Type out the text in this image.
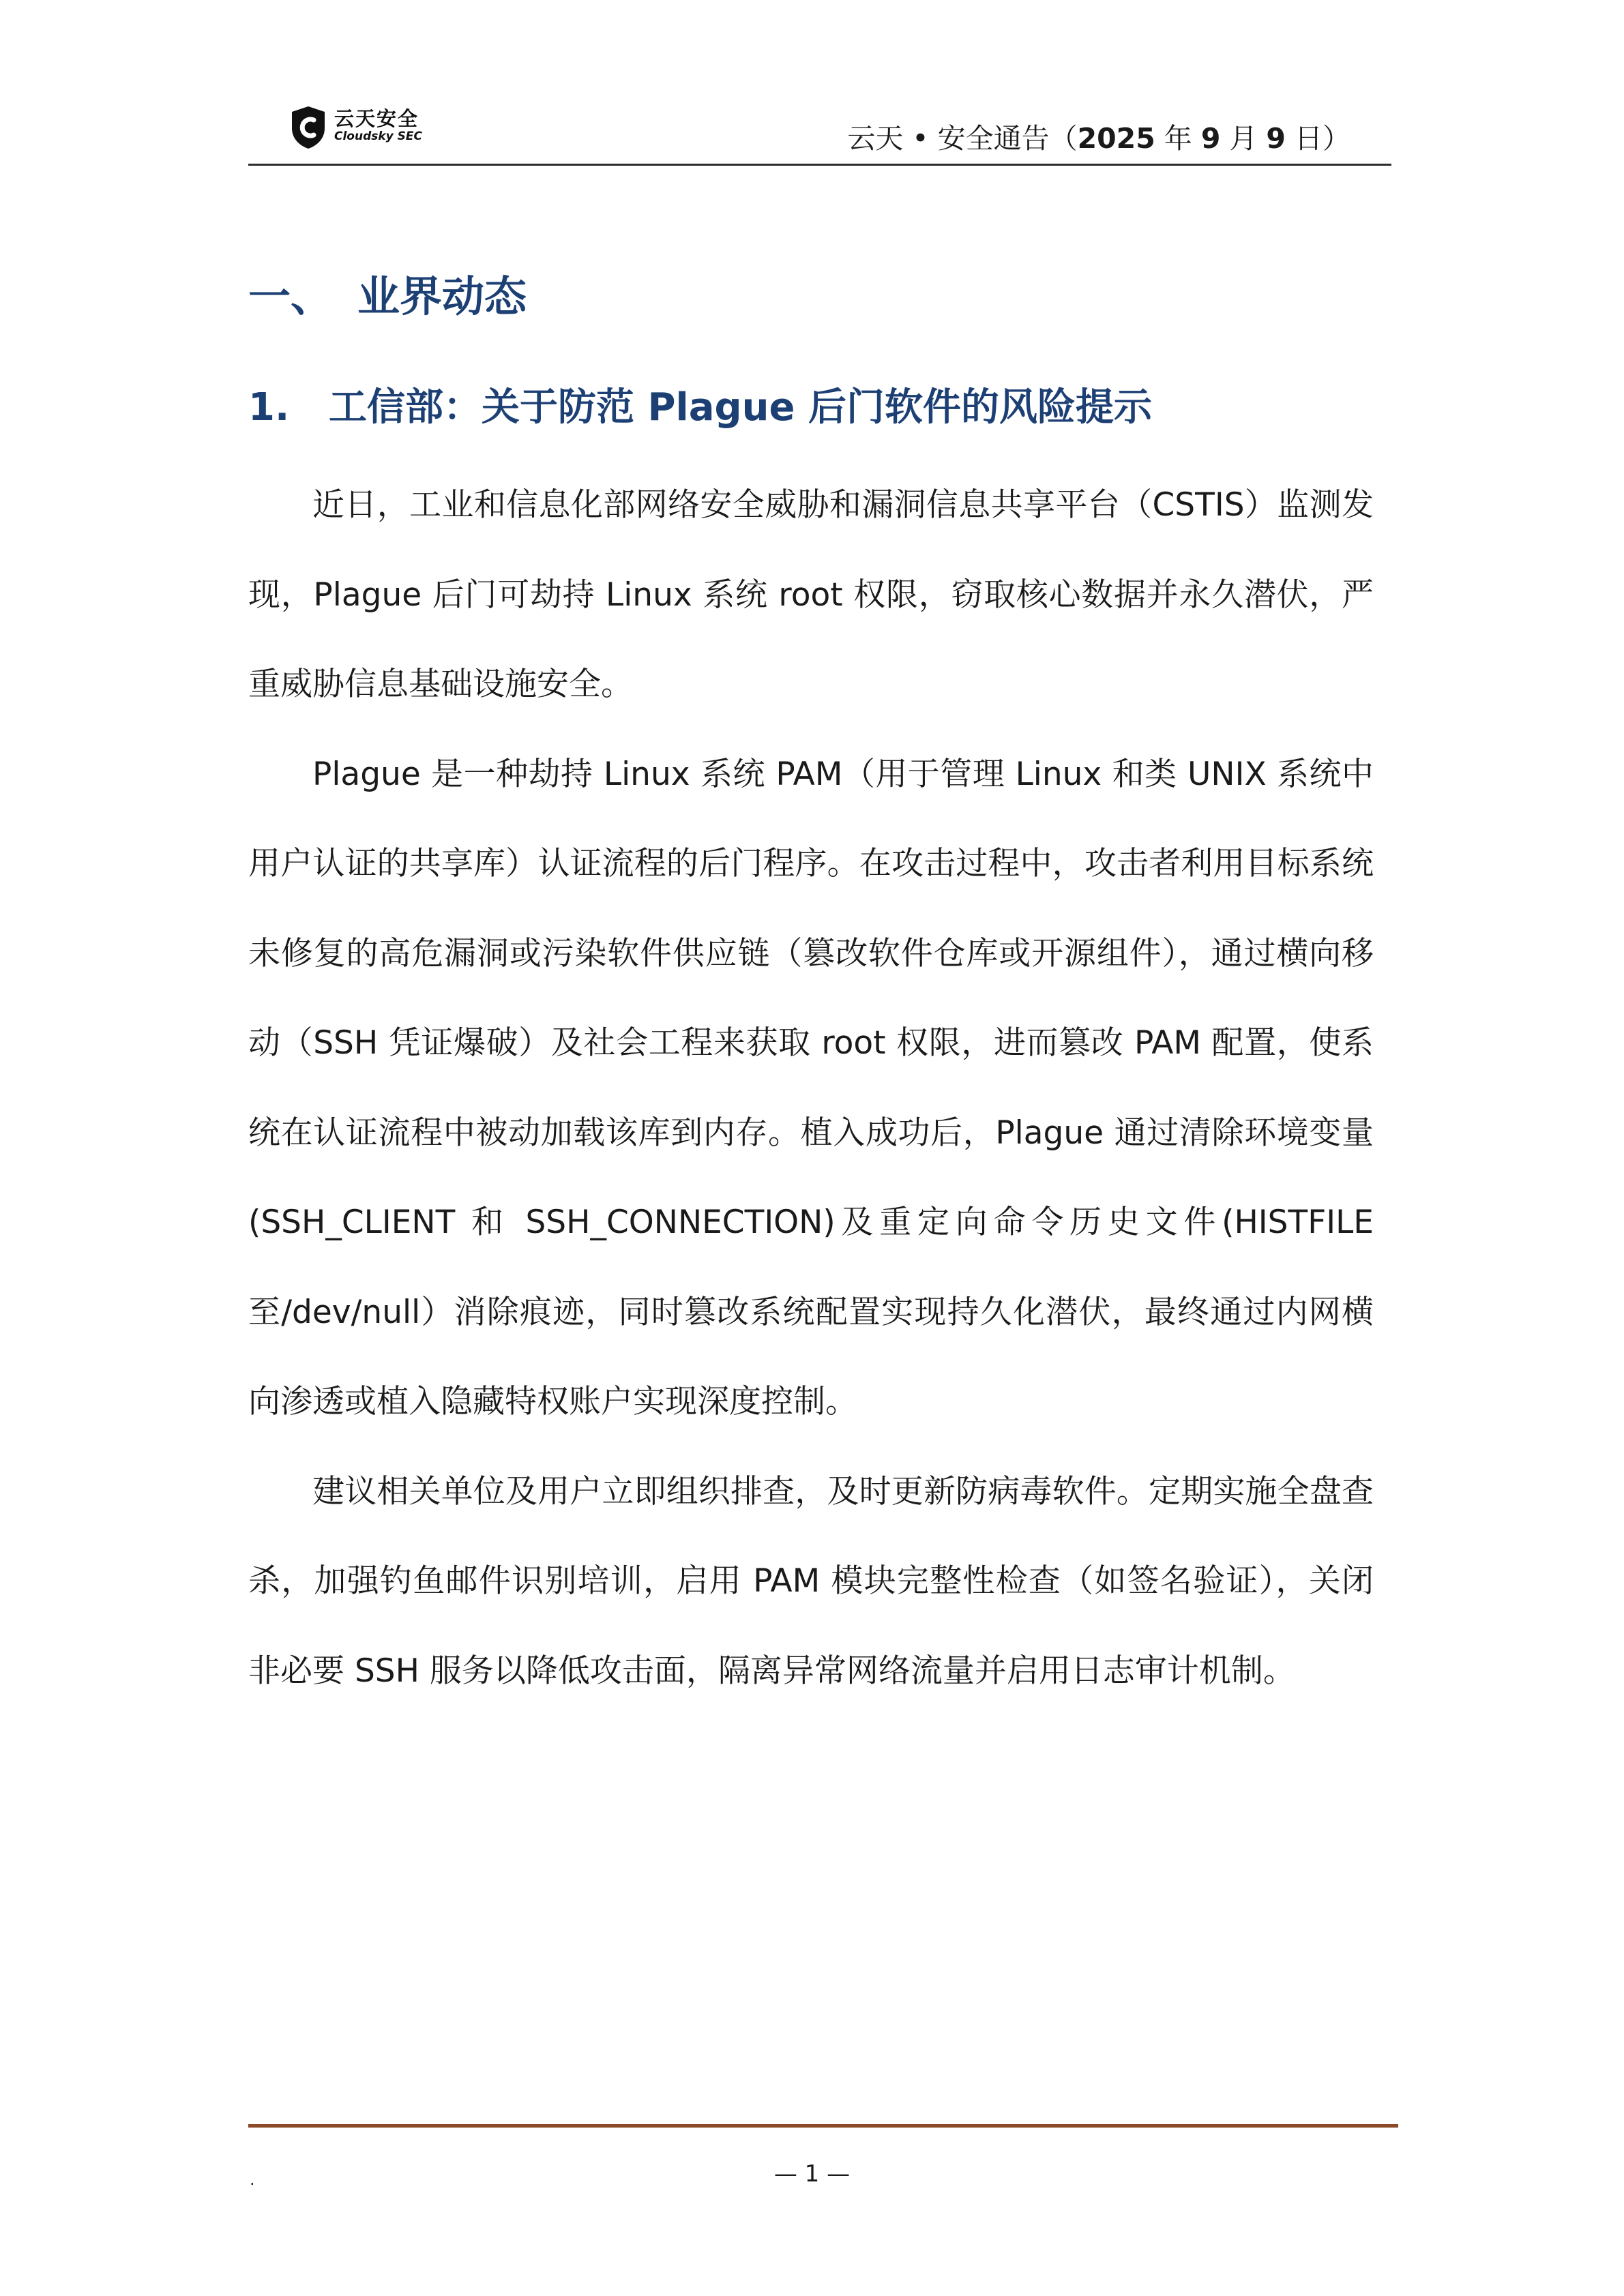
云天安全
Cloudsky SEC	云天 • 安全通告（2025 年 9 月 9 日）
一、 业界动态
1. 工信部：关于防范 Plague 后门软件的风险提示

近日，工业和信息化部网络安全威胁和漏洞信息共享平台（CSTIS）监测发现，Plague 后门可劫持 Linux 系统 root 权限，窃取核心数据并永久潜伏，严重威胁信息基础设施安全。

Plague 是一种劫持 Linux 系统 PAM（用于管理 Linux 和类 UNIX 系统中用户认证的共享库）认证流程的后门程序。在攻击过程中，攻击者利用目标系统未修复的高危漏洞或污染软件供应链（篡改软件仓库或开源组件），通过横向移动（SSH 凭证爆破）及社会工程来获取 root 权限，进而篡改 PAM 配置，使系统在认证流程中被动加载该库到内存。植入成功后，Plague 通过清除环境变量(SSH_CLIENT 和 SSH_CONNECTION)及重定向命令历史文件(HISTFILE 至/dev/null）消除痕迹，同时篡改系统配置实现持久化潜伏，最终通过内网横向渗透或植入隐藏特权账户实现深度控制。

建议相关单位及用户立即组织排查，及时更新防病毒软件。定期实施全盘查杀，加强钓鱼邮件识别培训，启用 PAM 模块完整性检查（如签名验证），关闭非必要 SSH 服务以降低攻击面，隔离异常网络流量并启用日志审计机制。

.	— 1 —
